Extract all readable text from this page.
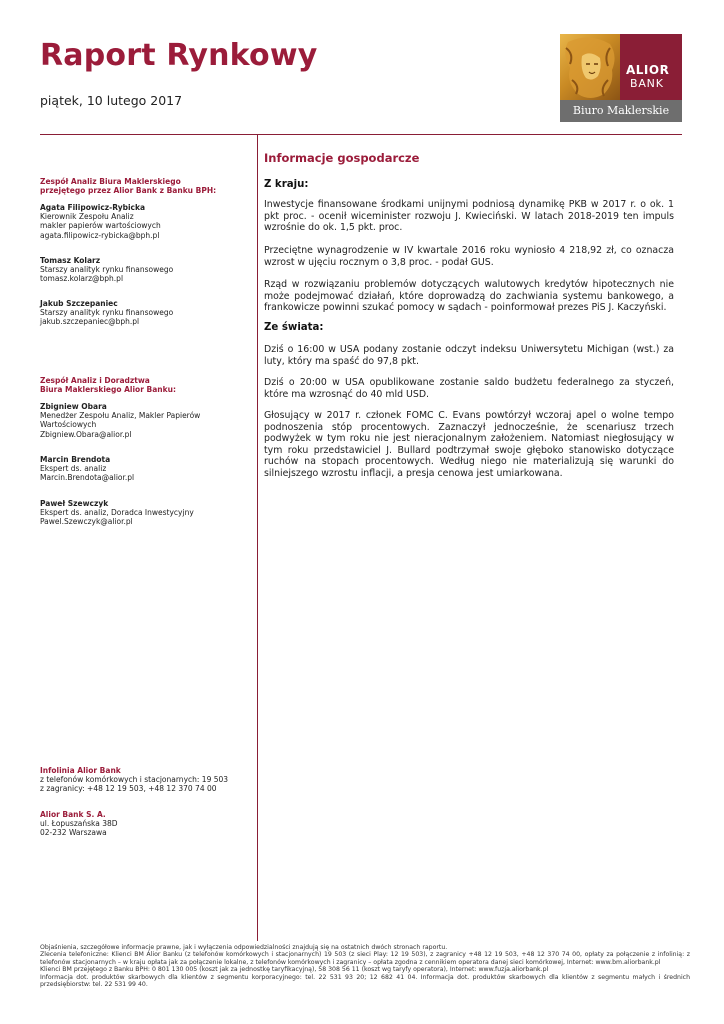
Raport Rynkowy
piątek, 10 lutego 2017
ALIOR
BANK
Biuro Maklerskie

Zespół Analiz Biura Maklerskiego

przejętego przez Alior Bank z Banku BPH:

Agata Filipowicz-Rybicka

Kierownik Zespołu Analiz

makler papierów wartościowych

agata.filipowicz-rybicka@bph.pl

Tomasz Kolarz

Starszy analityk rynku finansowego

tomasz.kolarz@bph.pl

Jakub Szczepaniec

Starszy analityk rynku finansowego

jakub.szczepaniec@bph.pl

Zespół Analiz i Doradztwa

Biura Maklerskiego Alior Banku:

Zbigniew Obara

Menedżer Zespołu Analiz, Makler Papierów

Wartościowych

Zbigniew.Obara@alior.pl

Marcin Brendota

Ekspert ds. analiz

Marcin.Brendota@alior.pl

Paweł Szewczyk

Ekspert ds. analiz, Doradca Inwestycyjny

Pawel.Szewczyk@alior.pl

Infolinia Alior Bank

z telefonów komórkowych i stacjonarnych: 19 503

z zagranicy: +48 12 19 503, +48 12 370 74 00

Alior Bank S. A.

ul. Łopuszańska 38D

02-232 Warszawa

Informacje gospodarcze
Z kraju:

Inwestycje finansowane środkami unijnymi podniosą dynamikę PKB w 2017 r. o ok. 1 pkt proc. - ocenił wiceminister rozwoju J. Kwieciński. W latach 2018-2019 ten impuls wzrośnie do ok. 1,5 pkt. proc.

Przeciętne wynagrodzenie w IV kwartale 2016 roku wyniosło 4 218,92 zł, co oznacza wzrost w ujęciu rocznym o 3,8 proc. - podał GUS.

Rząd w rozwiązaniu problemów dotyczących walutowych kredytów hipotecznych nie może podejmować działań, które doprowadzą do zachwiania systemu bankowego, a frankowicze powinni szukać pomocy w sądach - poinformował prezes PiS J. Kaczyński.

Ze świata:

Dziś o 16:00 w USA podany zostanie odczyt indeksu Uniwersytetu Michigan (wst.) za luty, który ma spaść do 97,8 pkt.

Dziś o 20:00 w USA opublikowane zostanie saldo budżetu federalnego za styczeń, które ma wzrosnąć do 40 mld USD.

Głosujący w 2017 r. członek FOMC C. Evans powtórzył wczoraj apel o wolne tempo podnoszenia stóp procentowych. Zaznaczył jednocześnie, że scenariusz trzech podwyżek w tym roku nie jest nieracjonalnym założeniem. Natomiast niegłosujący w tym roku przedstawiciel J. Bullard podtrzymał swoje głęboko stanowisko dotyczące ruchów na stopach procentowych. Według niego nie materializują się warunki do silniejszego wzrostu inflacji, a presja cenowa jest umiarkowana.

Objaśnienia, szczegółowe informacje prawne, jak i wyłączenia odpowiedzialności znajdują się na ostatnich dwóch stronach raportu.

Zlecenia telefoniczne: Klienci BM Alior Banku (z telefonów komórkowych i stacjonarnych) 19 503 (z sieci Play: 12 19 503), z zagranicy +48 12 19 503, +48 12 370 74 00, opłaty za połączenie z infolinią: z telefonów stacjonarnych – w kraju opłata jak za połączenie lokalne, z telefonów komórkowych i zagranicy – opłata zgodna z cennikiem operatora danej sieci komórkowej, Internet: www.bm.aliorbank.pl

Klienci BM przejętego z Banku BPH: 0 801 130 005 (koszt jak za jednostkę taryfikacyjną), 58 308 56 11 (koszt wg taryfy operatora), Internet: www.fuzja.aliorbank.pl

Informacja dot. produktów skarbowych dla klientów z segmentu korporacyjnego: tel. 22 531 93 20; 12 682 41 04. Informacja dot. produktów skarbowych dla klientów z segmentu małych i średnich przedsiębiorstw: tel. 22 531 99 40.
